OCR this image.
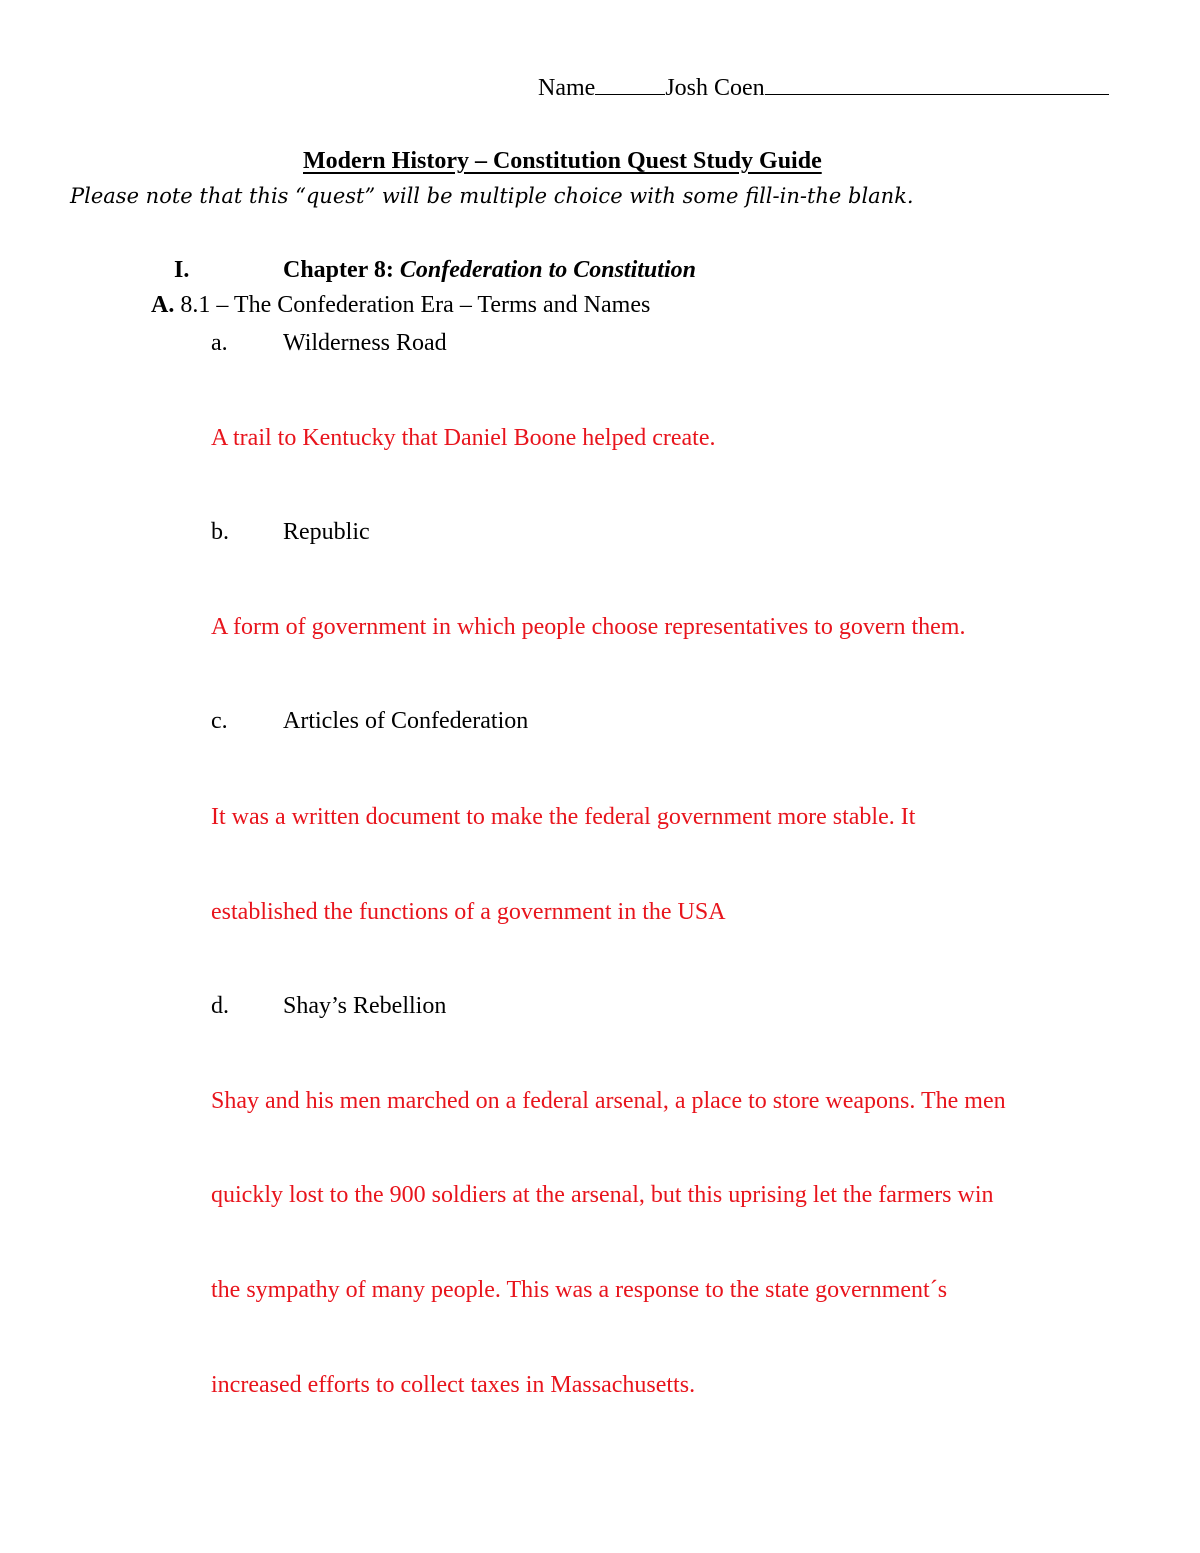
Name	Josh Coen
Modern History – Constitution Quest Study Guide
Please note that this “quest” will be multiple choice with some fill-in-the blank.
I.	Chapter 8: Confederation to Constitution
A. 8.1 – The Confederation Era – Terms and Names
a. Wilderness Road
A trail to Kentucky that Daniel Boone helped create.
b. Republic
A form of government in which people choose representatives to govern them.
c. Articles of Confederation
It was a written document to make the federal government more stable. It
established the functions of a government in the USA
d. Shay’s Rebellion
Shay and his men marched on a federal arsenal, a place to store weapons. The men
quickly lost to the 900 soldiers at the arsenal, but this uprising let the farmers win
the sympathy of many people. This was a response to the state government´s
increased efforts to collect taxes in Massachusetts.
